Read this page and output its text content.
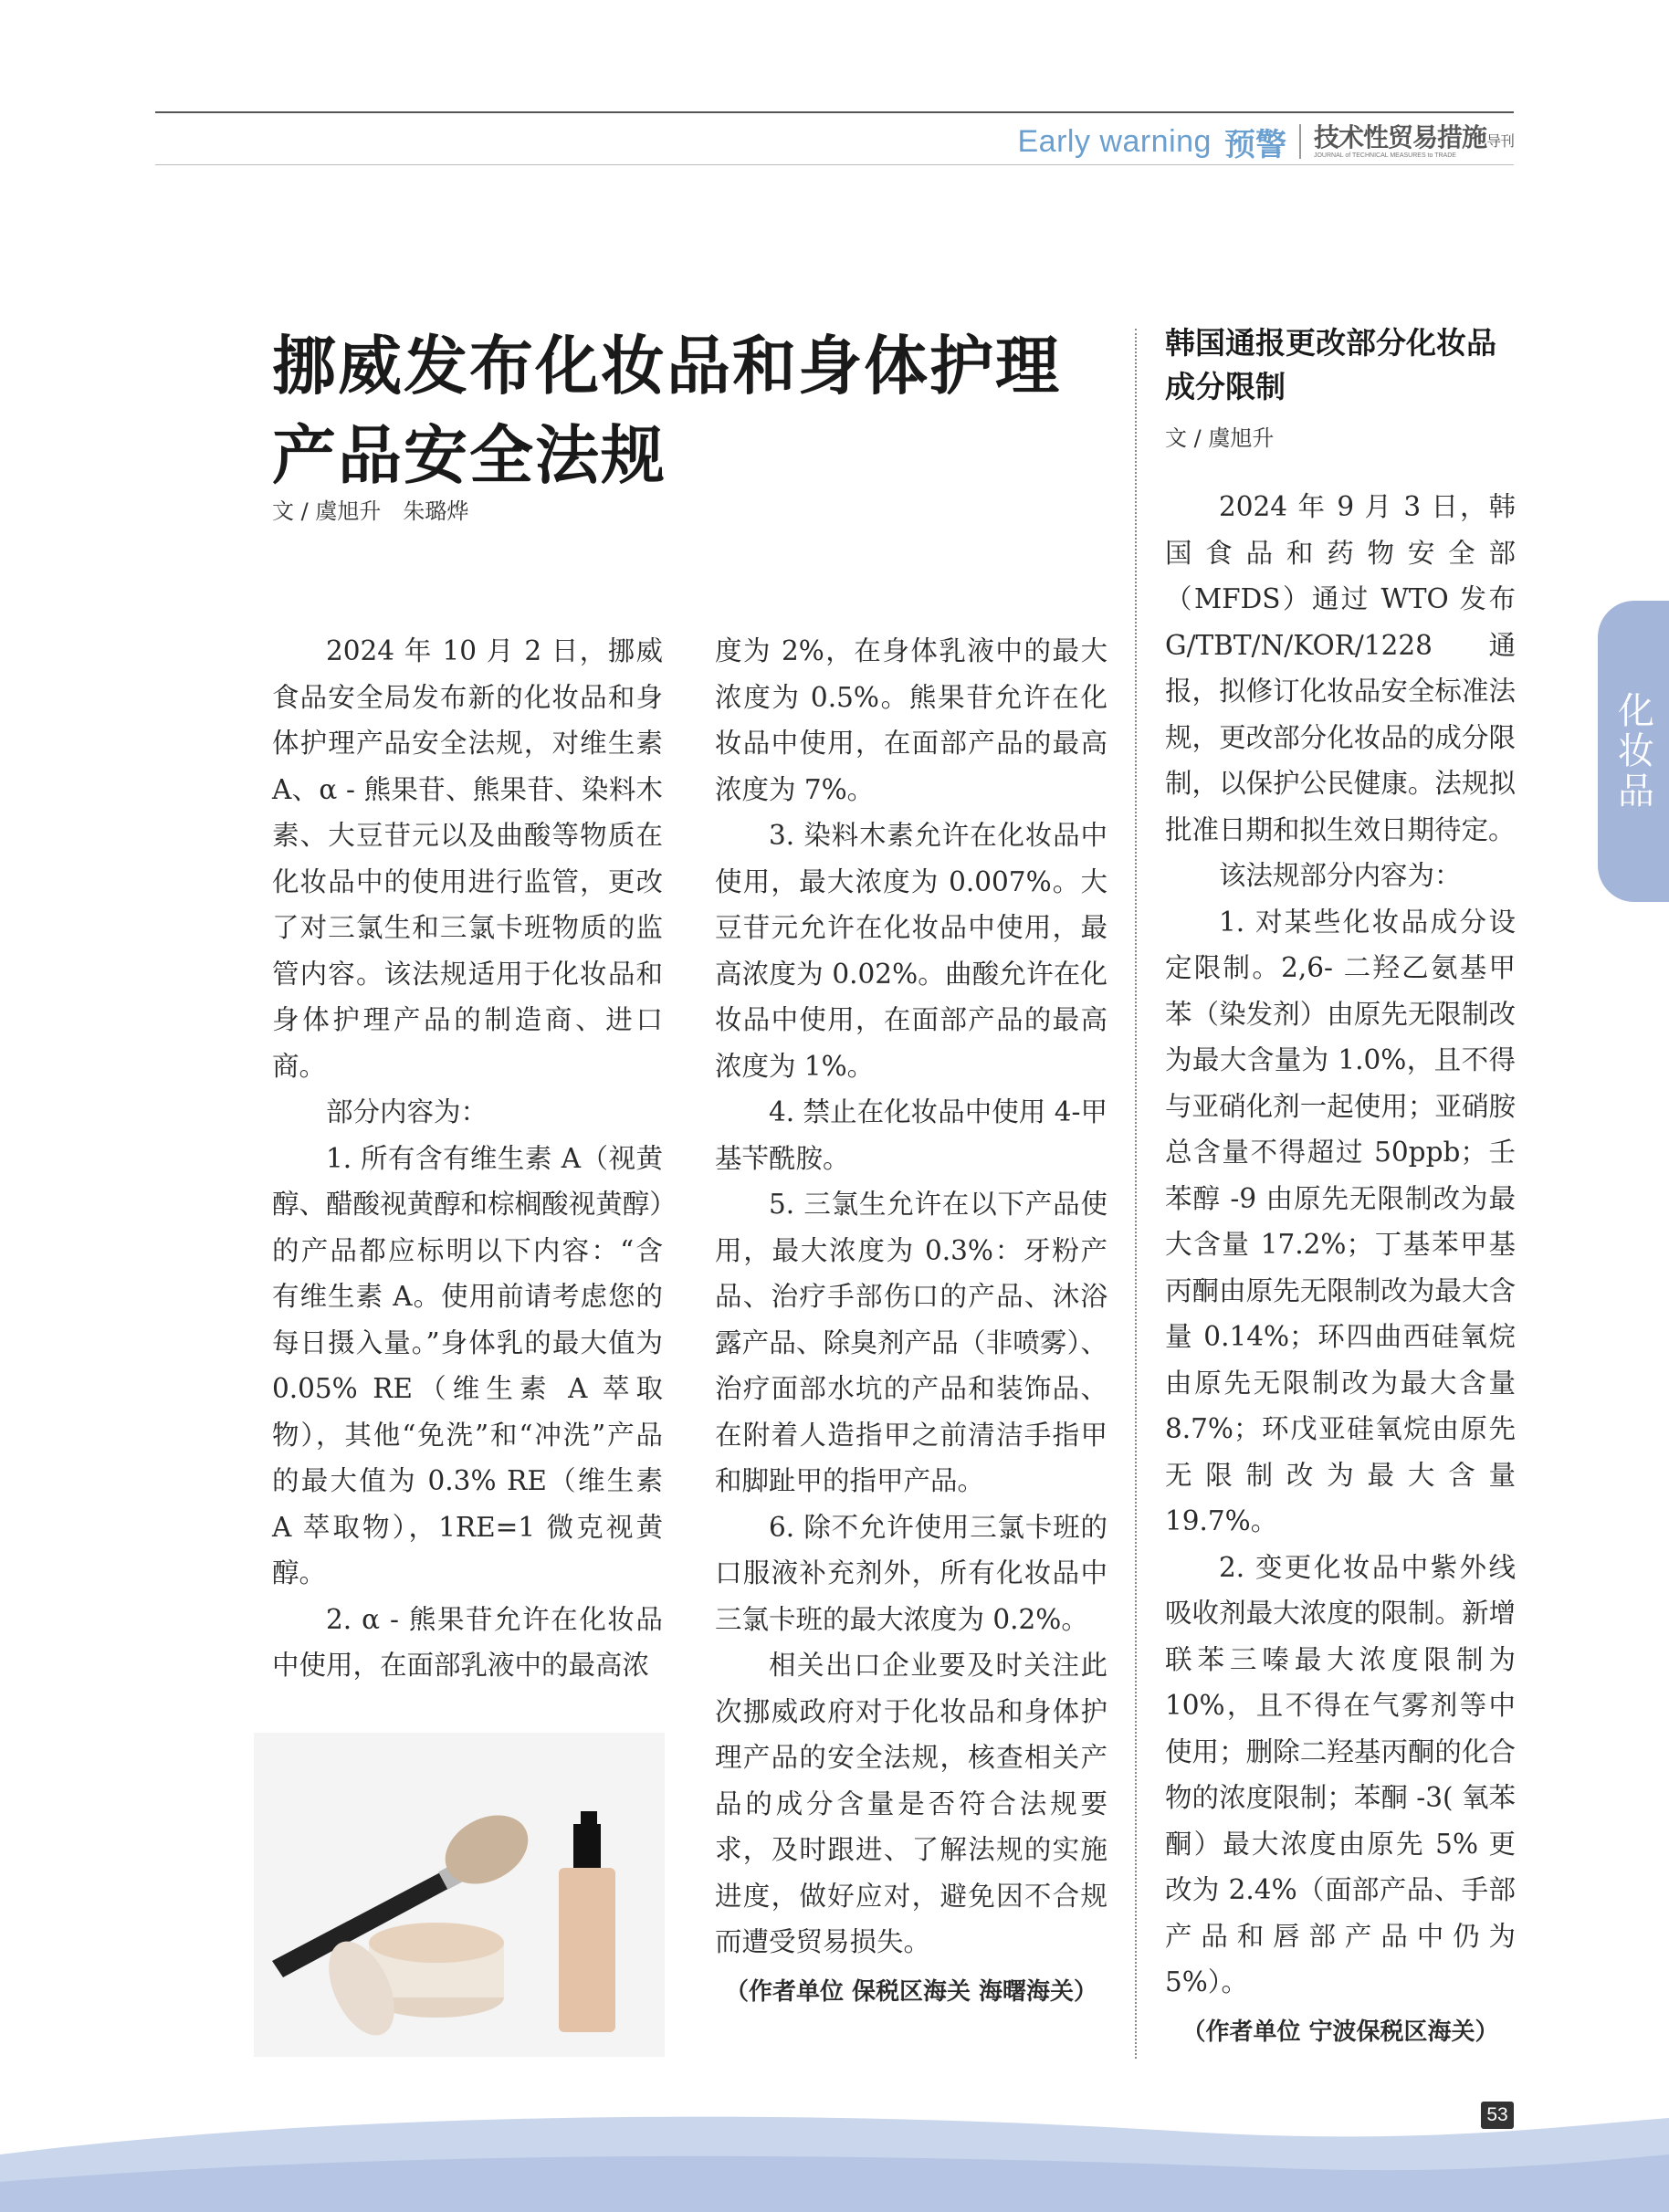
Early warning 预警 技术性贸易措施导刊
JOURNAL of TECHNICAL MEASURES to TRADE
挪威发布化妆品和身体护理产品安全法规
文 / 虞旭升　朱璐烨

2024 年 10 月 2 日，挪威食品安全局发布新的化妆品和身体护理产品安全法规，对维生素 A、α - 熊果苷、熊果苷、染料木素、大豆苷元以及曲酸等物质在化妆品中的使用进行监管，更改了对三氯生和三氯卡班物质的监管内容。该法规适用于化妆品和身体护理产品的制造商、进口商。

部分内容为：

1. 所有含有维生素 A（视黄醇、醋酸视黄醇和棕榈酸视黄醇）的产品都应标明以下内容：“含有维生素 A。使用前请考虑您的每日摄入量。”身体乳的最大值为 0.05% RE（维生素 A 萃取物），其他“免洗”和“冲洗”产品的最大值为 0.3% RE（维生素 A 萃取物），1RE=1 微克视黄醇。

2. α - 熊果苷允许在化妆品中使用，在面部乳液中的最高浓

度为 2%，在身体乳液中的最大浓度为 0.5%。熊果苷允许在化妆品中使用，在面部产品的最高浓度为 7%。

3. 染料木素允许在化妆品中使用，最大浓度为 0.007%。大豆苷元允许在化妆品中使用，最高浓度为 0.02%。曲酸允许在化妆品中使用，在面部产品的最高浓度为 1%。

4. 禁止在化妆品中使用 4-甲基苄酰胺。

5. 三氯生允许在以下产品使用，最大浓度为 0.3%：牙粉产品、治疗手部伤口的产品、沐浴露产品、除臭剂产品（非喷雾）、治疗面部水坑的产品和装饰品、在附着人造指甲之前清洁手指甲和脚趾甲的指甲产品。

6. 除不允许使用三氯卡班的口服液补充剂外，所有化妆品中三氯卡班的最大浓度为 0.2%。

相关出口企业要及时关注此次挪威政府对于化妆品和身体护理产品的安全法规，核查相关产品的成分含量是否符合法规要求，及时跟进、了解法规的实施进度，做好应对，避免因不合规而遭受贸易损失。

（作者单位 保税区海关 海曙海关）

韩国通报更改部分化妆品成分限制
文 / 虞旭升

2024 年 9 月 3 日，韩国食品和药物安全部（MFDS）通过 WTO 发布 G/TBT/N/KOR/1228 通报，拟修订化妆品安全标准法规，更改部分化妆品的成分限制，以保护公民健康。法规拟批准日期和拟生效日期待定。

该法规部分内容为：

1. 对某些化妆品成分设定限制。2,6- 二羟乙氨基甲苯（染发剂）由原先无限制改为最大含量为 1.0%，且不得与亚硝化剂一起使用；亚硝胺总含量不得超过 50ppb；壬苯醇 -9 由原先无限制改为最大含量 17.2%；丁基苯甲基丙酮由原先无限制改为最大含量 0.14%；环四曲西硅氧烷由原先无限制改为最大含量 8.7%；环戊亚硅氧烷由原先无限制改为最大含量 19.7%。

2. 变更化妆品中紫外线吸收剂最大浓度的限制。新增联苯三嗪最大浓度限制为 10%，且不得在气雾剂等中使用；删除二羟基丙酮的化合物的浓度限制；苯酮 -3( 氧苯酮）最大浓度由原先 5% 更改为 2.4%（面部产品、手部产品和唇部产品中仍为 5%）。

（作者单位 宁波保税区海关）

化妆品
53
